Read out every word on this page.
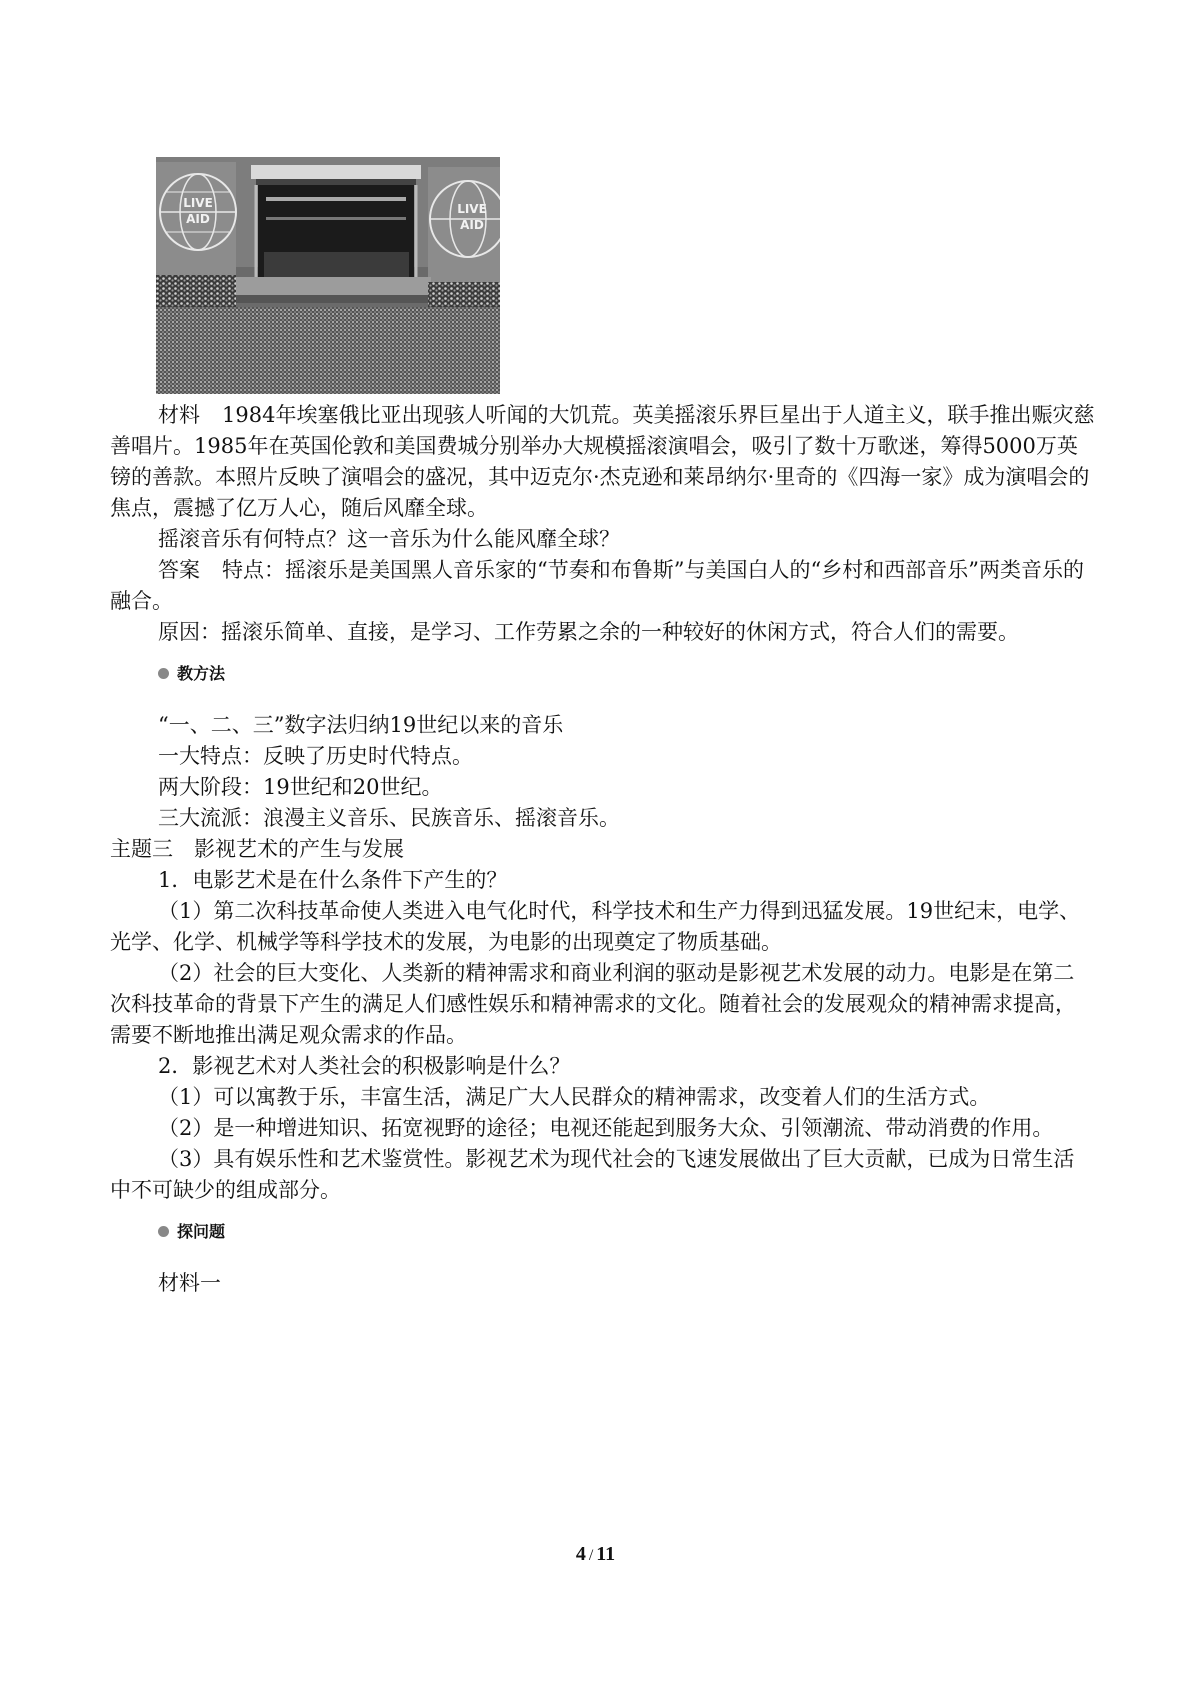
LIVE
AID
LIVE
AID

材料 1984年埃塞俄比亚出现骇人听闻的大饥荒。英美摇滚乐界巨星出于人道主义，联手推出赈灾慈善唱片。1985年在英国伦敦和美国费城分别举办大规模摇滚演唱会，吸引了数十万歌迷，筹得5000万英镑的善款。本照片反映了演唱会的盛况，其中迈克尔·杰克逊和莱昂纳尔·里奇的《四海一家》成为演唱会的焦点，震撼了亿万人心，随后风靡全球。

摇滚音乐有何特点？这一音乐为什么能风靡全球？

答案 特点：摇滚乐是美国黑人音乐家的“节奏和布鲁斯”与美国白人的“乡村和西部音乐”两类音乐的融合。

原因：摇滚乐简单、直接，是学习、工作劳累之余的一种较好的休闲方式，符合人们的需要。

教方法

“一、二、三”数字法归纳19世纪以来的音乐

一大特点：反映了历史时代特点。

两大阶段：19世纪和20世纪。

三大流派：浪漫主义音乐、民族音乐、摇滚音乐。

主题三　影视艺术的产生与发展

1．电影艺术是在什么条件下产生的？

（1）第二次科技革命使人类进入电气化时代，科学技术和生产力得到迅猛发展。19世纪末，电学、光学、化学、机械学等科学技术的发展，为电影的出现奠定了物质基础。

（2）社会的巨大变化、人类新的精神需求和商业利润的驱动是影视艺术发展的动力。电影是在第二次科技革命的背景下产生的满足人们感性娱乐和精神需求的文化。随着社会的发展观众的精神需求提高，需要不断地推出满足观众需求的作品。

2．影视艺术对人类社会的积极影响是什么？

（1）可以寓教于乐，丰富生活，满足广大人民群众的精神需求，改变着人们的生活方式。

（2）是一种增进知识、拓宽视野的途径；电视还能起到服务大众、引领潮流、带动消费的作用。

（3）具有娱乐性和艺术鉴赏性。影视艺术为现代社会的飞速发展做出了巨大贡献，已成为日常生活中不可缺少的组成部分。

探问题

材料一

4 / 11
